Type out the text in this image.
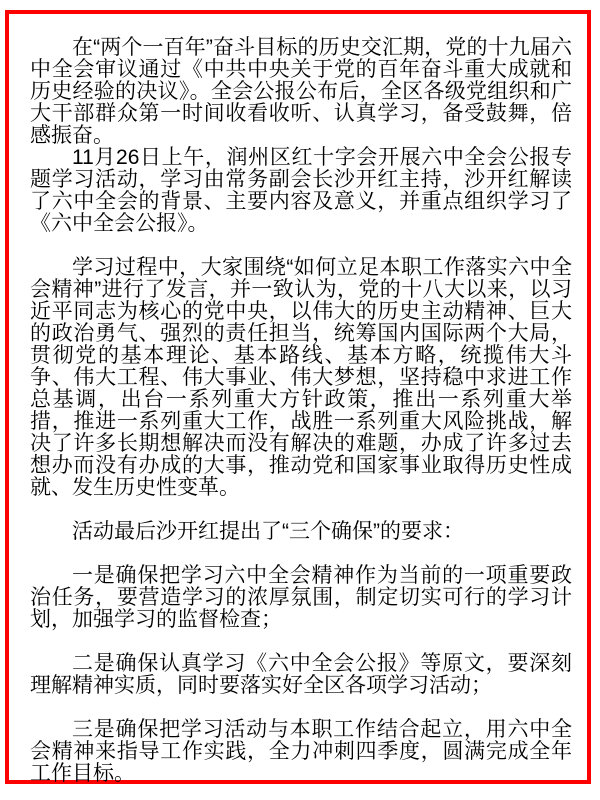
在“两个一百年”奋斗目标的历史交汇期，党的十九届六中全会审议通过《中共中央关于党的百年奋斗重大成就和历史经验的决议》。全会公报公布后，全区各级党组织和广大干部群众第一时间收看收听、认真学习，备受鼓舞，倍感振奋。

11月26日上午，润州区红十字会开展六中全会公报专题学习活动，学习由常务副会长沙开红主持，沙开红解读了六中全会的背景、主要内容及意义，并重点组织学习了《六中全会公报》。

学习过程中，大家围绕“如何立足本职工作落实六中全会精神”进行了发言，并一致认为，党的十八大以来，以习近平同志为核心的党中央，以伟大的历史主动精神、巨大的政治勇气、强烈的责任担当，统筹国内国际两个大局，贯彻党的基本理论、基本路线、基本方略，统揽伟大斗争、伟大工程、伟大事业、伟大梦想，坚持稳中求进工作总基调，出台一系列重大方针政策，推出一系列重大举措，推进一系列重大工作，战胜一系列重大风险挑战，解决了许多长期想解决而没有解决的难题，办成了许多过去想办而没有办成的大事，推动党和国家事业取得历史性成就、发生历史性变革。

活动最后沙开红提出了“三个确保”的要求：

一是确保把学习六中全会精神作为当前的一项重要政治任务，要营造学习的浓厚氛围，制定切实可行的学习计划，加强学习的监督检查；

二是确保认真学习《六中全会公报》等原文，要深刻理解精神实质，同时要落实好全区各项学习活动；

三是确保把学习活动与本职工作结合起立，用六中全会精神来指导工作实践，全力冲刺四季度，圆满完成全年工作目标。
